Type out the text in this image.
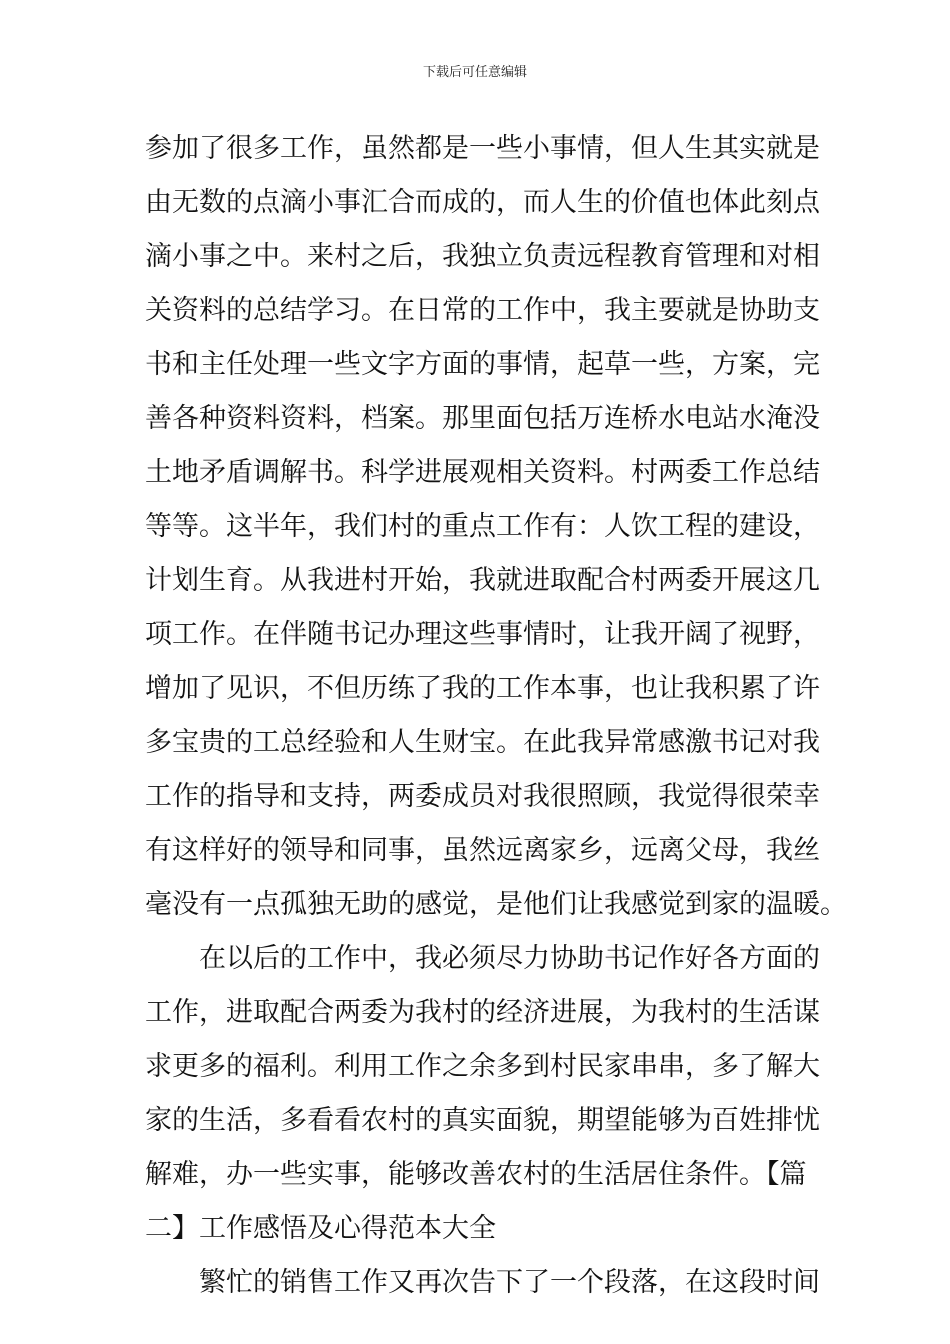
下载后可任意编辑
参加了很多工作，虽然都是一些小事情，但人生其实就是
由无数的点滴小事汇合而成的，而人生的价值也体此刻点
滴小事之中。来村之后，我独立负责远程教育管理和对相
关资料的总结学习。在日常的工作中，我主要就是协助支
书和主任处理一些文字方面的事情，起草一些，方案，完
善各种资料资料，档案。那里面包括万连桥水电站水淹没
土地矛盾调解书。科学进展观相关资料。村两委工作总结
等等。这半年，我们村的重点工作有：人饮工程的建设，
计划生育。从我进村开始，我就进取配合村两委开展这几
项工作。在伴随书记办理这些事情时，让我开阔了视野，
增加了见识，不但历练了我的工作本事，也让我积累了许
多宝贵的工总经验和人生财宝。在此我异常感激书记对我
工作的指导和支持，两委成员对我很照顾，我觉得很荣幸
有这样好的领导和同事，虽然远离家乡，远离父母，我丝
毫没有一点孤独无助的感觉，是他们让我感觉到家的温暖。
在以后的工作中，我必须尽力协助书记作好各方面的
工作，进取配合两委为我村的经济进展，为我村的生活谋
求更多的福利。利用工作之余多到村民家串串，多了解大
家的生活，多看看农村的真实面貌，期望能够为百姓排忧
解难，办一些实事，能够改善农村的生活居住条件。【篇
二】工作感悟及心得范本大全
繁忙的销售工作又再次告下了一个段落，在这段时间
